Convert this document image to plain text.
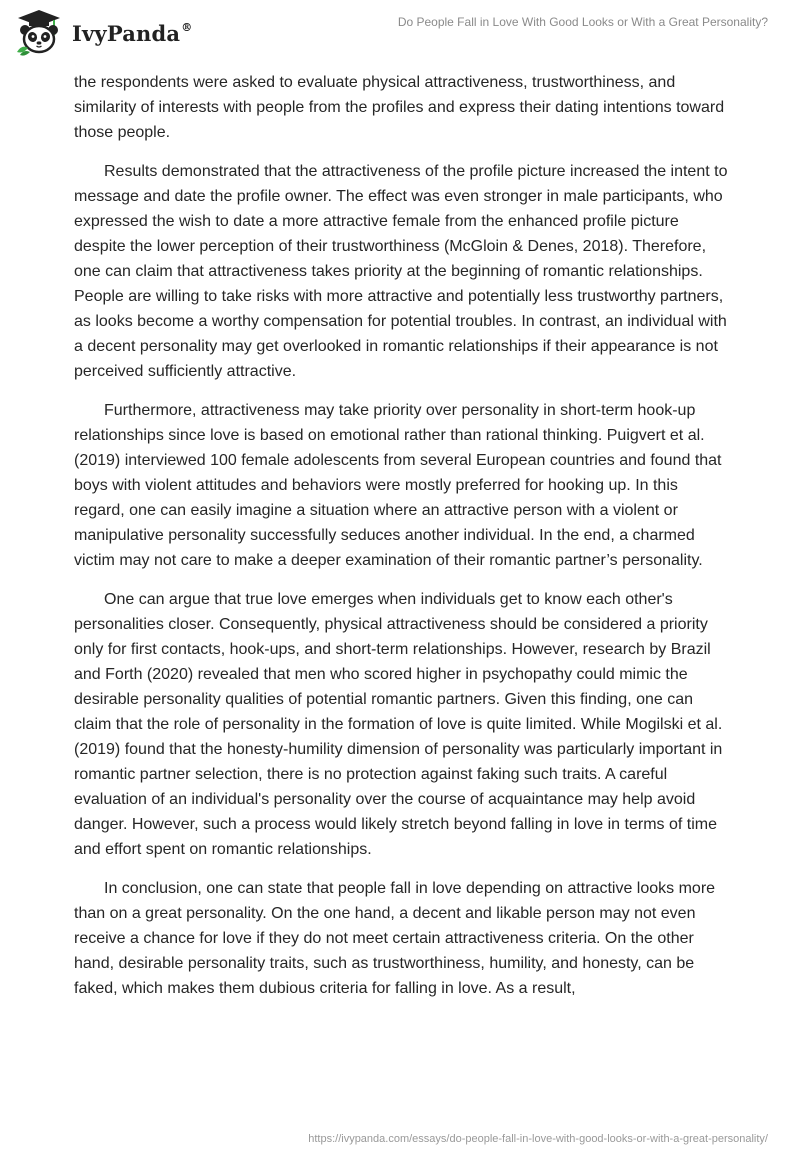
IvyPanda®	Do People Fall in Love With Good Looks or With a Great Personality?

the respondents were asked to evaluate physical attractiveness, trustworthiness, and similarity of interests with people from the profiles and express their dating intentions toward those people.

Results demonstrated that the attractiveness of the profile picture increased the intent to message and date the profile owner. The effect was even stronger in male participants, who expressed the wish to date a more attractive female from the enhanced profile picture despite the lower perception of their trustworthiness (McGloin & Denes, 2018). Therefore, one can claim that attractiveness takes priority at the beginning of romantic relationships. People are willing to take risks with more attractive and potentially less trustworthy partners, as looks become a worthy compensation for potential troubles. In contrast, an individual with a decent personality may get overlooked in romantic relationships if their appearance is not perceived sufficiently attractive.

Furthermore, attractiveness may take priority over personality in short-term hook-up relationships since love is based on emotional rather than rational thinking. Puigvert et al. (2019) interviewed 100 female adolescents from several European countries and found that boys with violent attitudes and behaviors were mostly preferred for hooking up. In this regard, one can easily imagine a situation where an attractive person with a violent or manipulative personality successfully seduces another individual. In the end, a charmed victim may not care to make a deeper examination of their romantic partner’s personality.

One can argue that true love emerges when individuals get to know each other's personalities closer. Consequently, physical attractiveness should be considered a priority only for first contacts, hook-ups, and short-term relationships. However, research by Brazil and Forth (2020) revealed that men who scored higher in psychopathy could mimic the desirable personality qualities of potential romantic partners. Given this finding, one can claim that the role of personality in the formation of love is quite limited. While Mogilski et al. (2019) found that the honesty-humility dimension of personality was particularly important in romantic partner selection, there is no protection against faking such traits. A careful evaluation of an individual's personality over the course of acquaintance may help avoid danger. However, such a process would likely stretch beyond falling in love in terms of time and effort spent on romantic relationships.

In conclusion, one can state that people fall in love depending on attractive looks more than on a great personality. On the one hand, a decent and likable person may not even receive a chance for love if they do not meet certain attractiveness criteria. On the other hand, desirable personality traits, such as trustworthiness, humility, and honesty, can be faked, which makes them dubious criteria for falling in love. As a result,

https://ivypanda.com/essays/do-people-fall-in-love-with-good-looks-or-with-a-great-personality/
